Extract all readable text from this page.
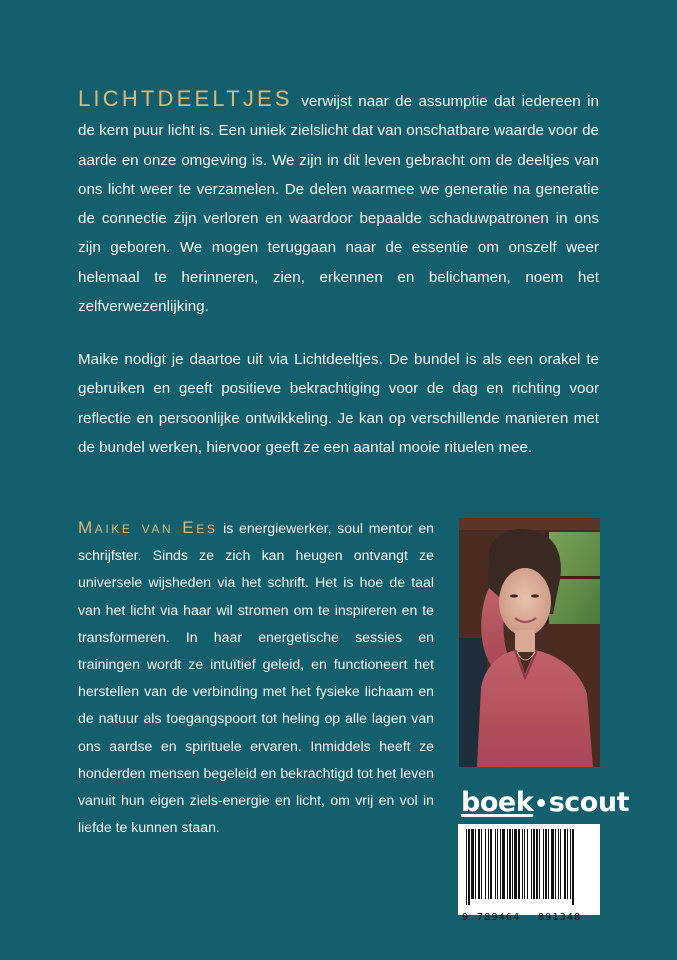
LICHTDEELTJES verwijst naar de assumptie dat iedereen in de kern puur licht is. Een uniek zielslicht dat van onschatbare waarde voor de aarde en onze omgeving is. We zijn in dit leven gebracht om de deeltjes van ons licht weer te verzamelen. De delen waarmee we generatie na generatie de connectie zijn verloren en waardoor bepaalde schaduwpatronen in ons zijn geboren. We mogen teruggaan naar de essentie om onszelf weer helemaal te herinneren, zien, erkennen en belichamen, noem het zelfverwezenlijking.

Maike nodigt je daartoe uit via Lichtdeeltjes. De bundel is als een orakel te gebruiken en geeft positieve bekrachtiging voor de dag en richting voor reflectie en persoonlijke ontwikkeling. Je kan op verschillende manieren met de bundel werken, hiervoor geeft ze een aantal mooie rituelen mee.

Maike van Ees is energiewerker, soul mentor en schrijfster. Sinds ze zich kan heugen ontvangt ze universele wijsheden via het schrift. Het is hoe de taal van het licht via haar wil stromen om te inspireren en te transformeren. In haar energetische sessies en trainingen wordt ze intuïtief geleid, en functioneert het herstellen van de verbinding met het fysieke lichaam en de natuur als toegangspoort tot heling op alle lagen van ons aardse en spirituele ervaren. Inmiddels heeft ze honderden mensen begeleid en bekrachtigd tot het leven vanuit hun eigen ziels-energie en licht, om vrij en vol in liefde te kunnen staan.

boek•scout
9 789464 891348
